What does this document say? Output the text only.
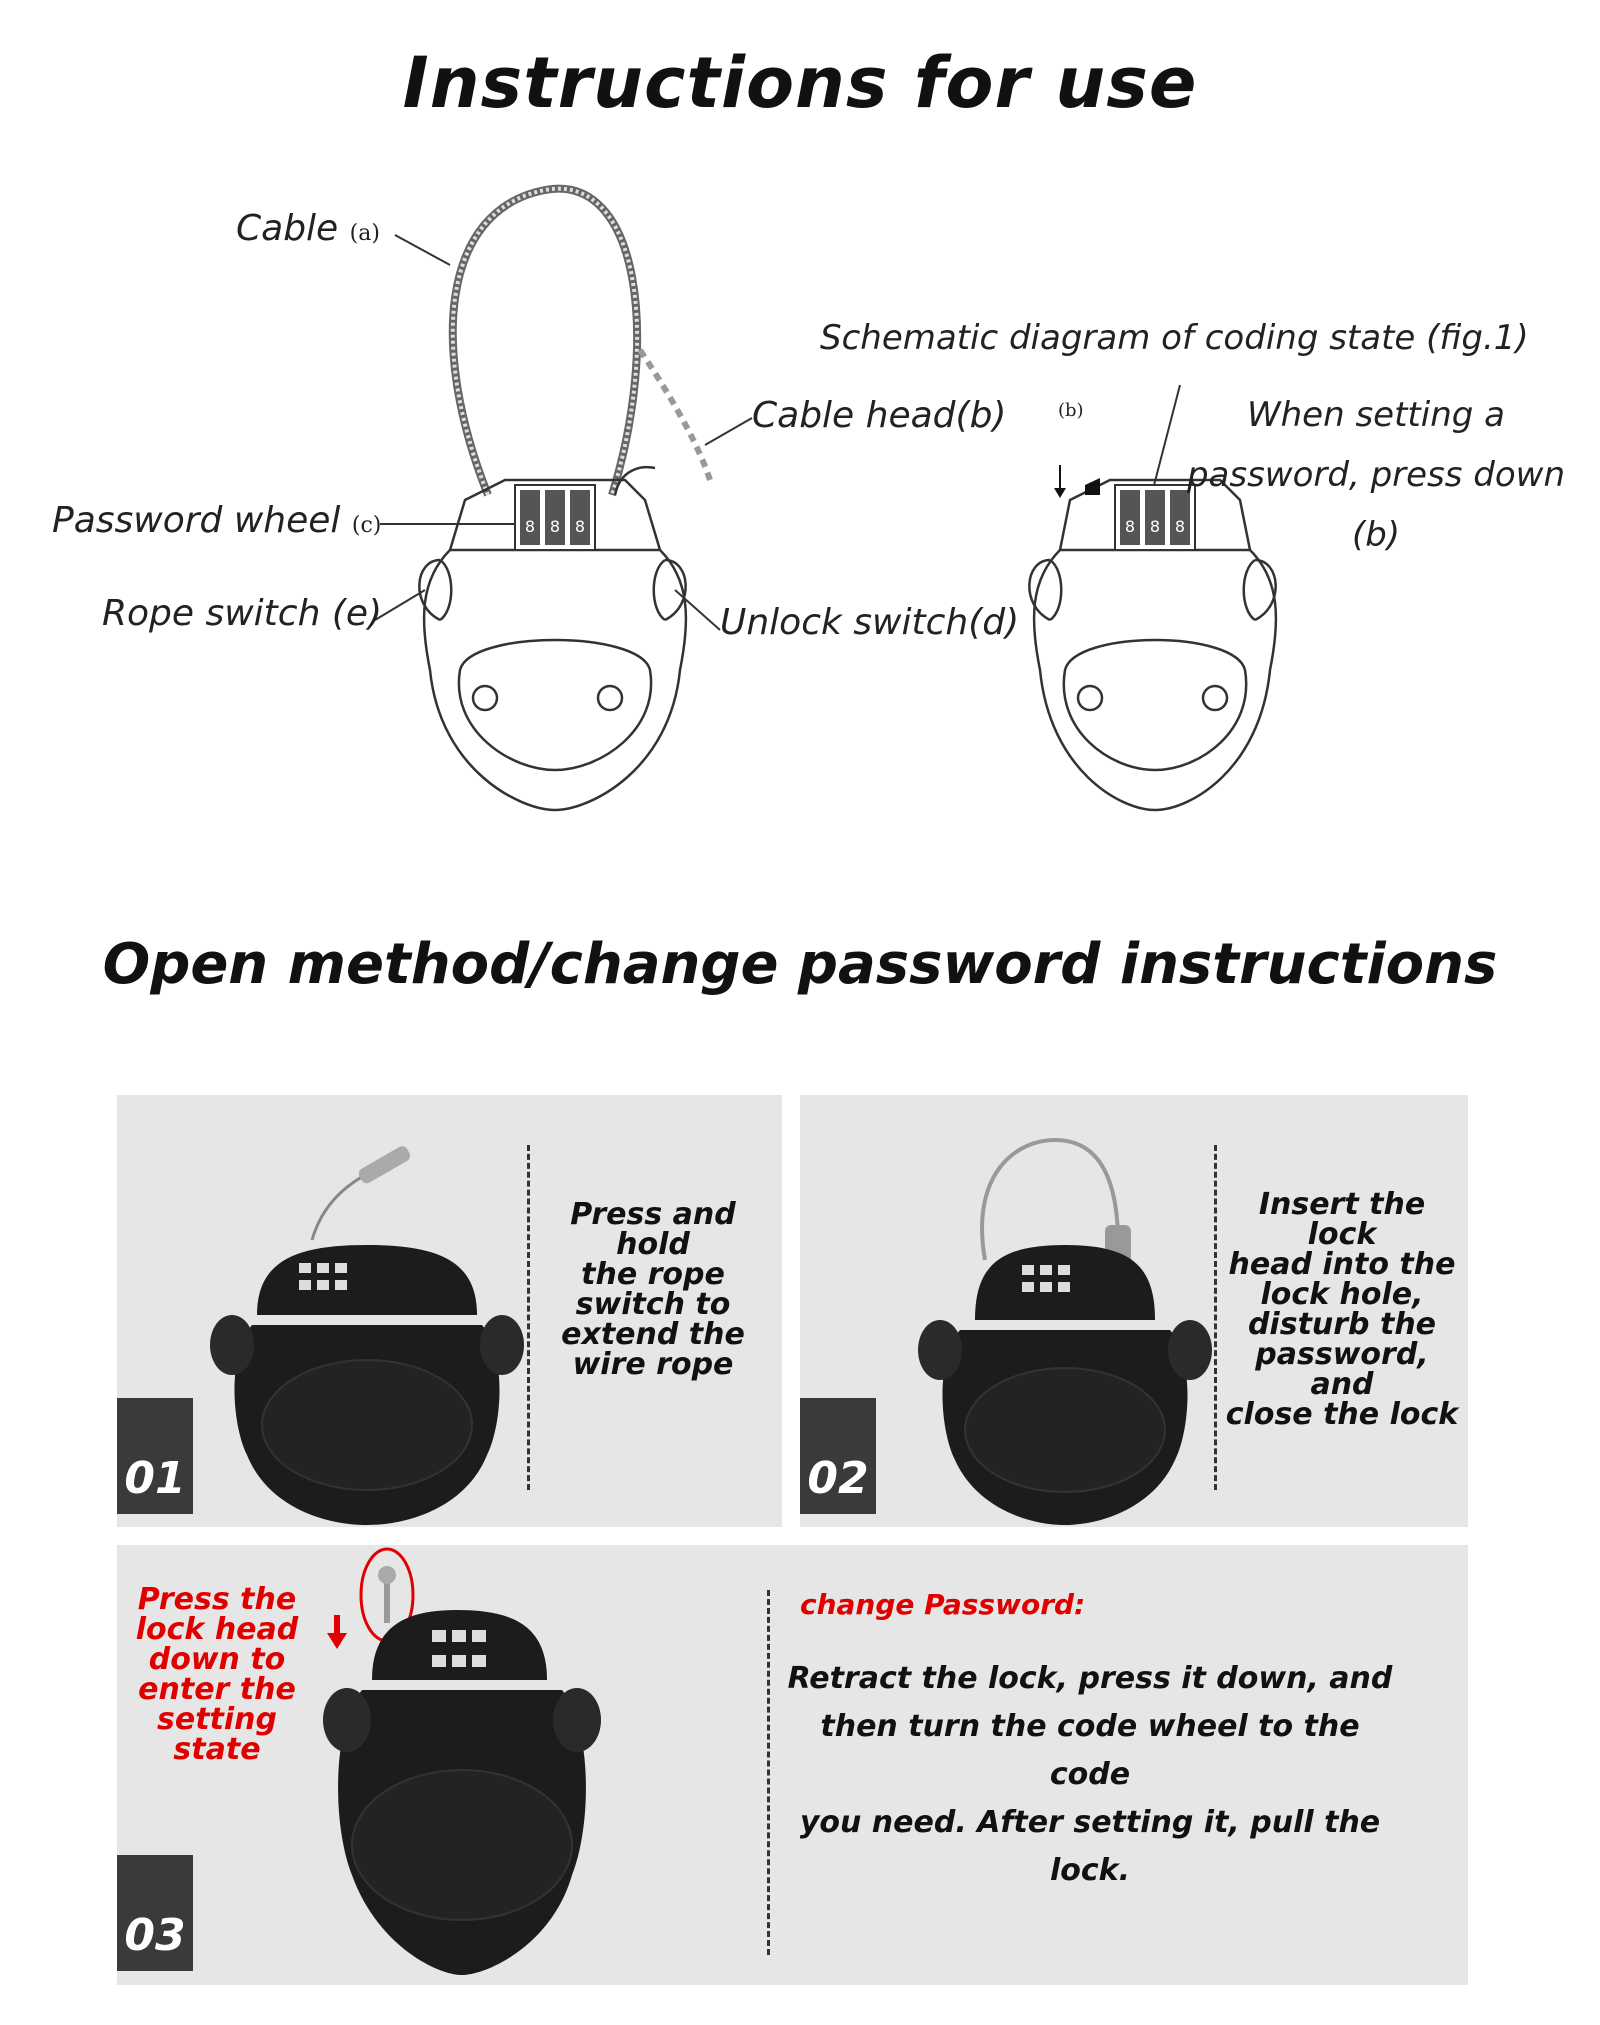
Instructions for use
8 8 8	8 8 8
Cable (a)
Cable head(b)
Password wheel (c)
Rope switch (e)	Unlock switch(d)
Schematic diagram of coding state (fig.1)
(b)	When setting a
password, press down
(b)
Open method/change password instructions
01
Press and hold
the rope
switch to
extend the
wire rope
02
Insert the lock
head into the
lock hole,
disturb the
password, and
close the lock
Press the
lock head
down to
enter the
setting state
03
change Password:
Retract the lock, press it down, and
then turn the code wheel to the code
you need. After setting it, pull the lock.
